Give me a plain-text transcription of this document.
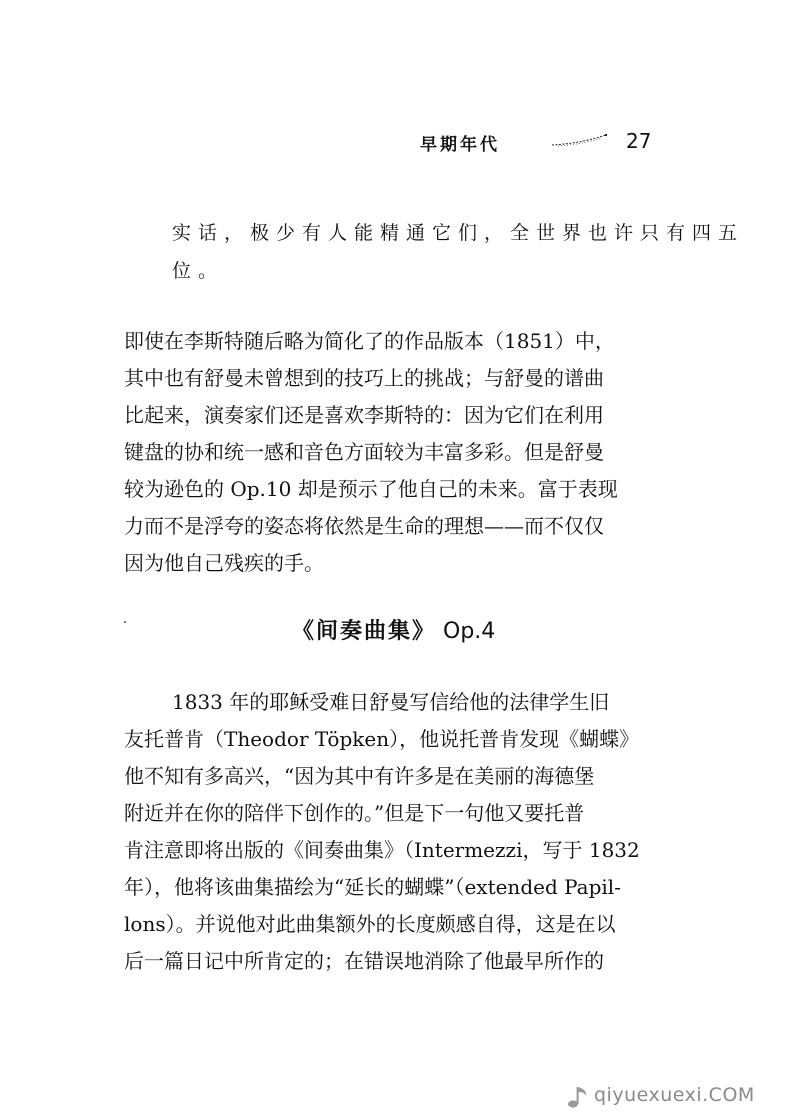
早期年代	27
实话，极少有人能精通它们，全世界也许只有四五
位。
即使在李斯特随后略为简化了的作品版本（1851）中，
其中也有舒曼未曾想到的技巧上的挑战；与舒曼的谱曲
比起来，演奏家们还是喜欢李斯特的：因为它们在利用
键盘的协和统一感和音色方面较为丰富多彩。但是舒曼
较为逊色的 Op.10 却是预示了他自己的未来。富于表现
力而不是浮夸的姿态将依然是生命的理想——而不仅仅
因为他自己残疾的手。
《间奏曲集》 Op.4
1833 年的耶稣受难日舒曼写信给他的法律学生旧
友托普肯（Theodor Töpken），他说托普肯发现《蝴蝶》
他不知有多高兴，“因为其中有许多是在美丽的海德堡
附近并在你的陪伴下创作的。”但是下一句他又要托普
肯注意即将出版的《间奏曲集》（Intermezzi，写于 1832
年），他将该曲集描绘为“延长的蝴蝶”（extended Papil-
lons）。并说他对此曲集额外的长度颇感自得，这是在以
后一篇日记中所肯定的；在错误地消除了他最早所作的
qiyuexuexi.COM
